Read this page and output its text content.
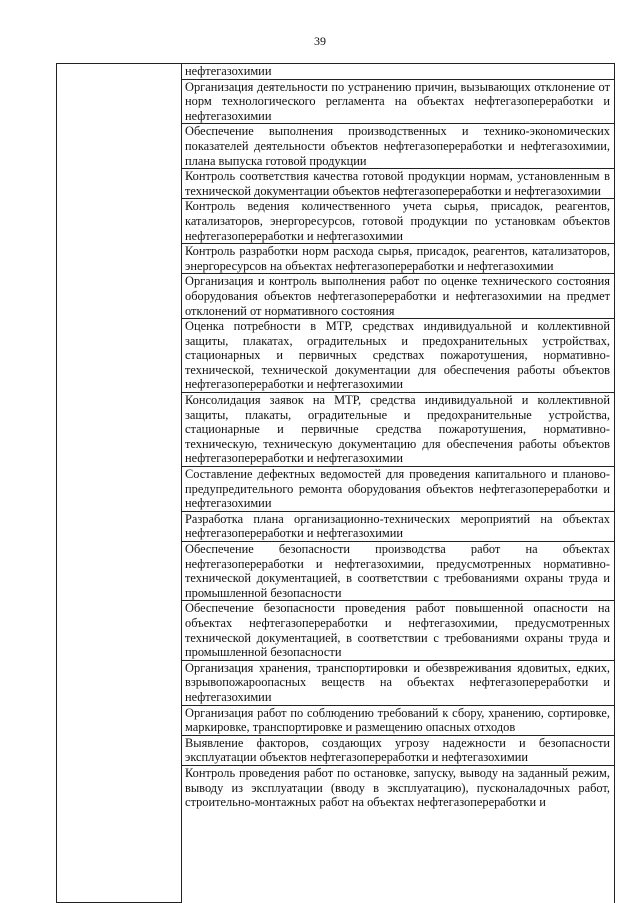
39

нефтегазохимии
Организация деятельности по устранению причин, вызывающих отклонение от норм технологического регламента на объектах нефтегазопереработки и нефтегазохимии
Обеспечение выполнения производственных и технико-экономических показателей деятельности объектов нефтегазопереработки и нефтегазохимии, плана выпуска готовой продукции
Контроль соответствия качества готовой продукции нормам, установленным в технической документации объектов нефтегазопереработки и нефтегазохимии
Контроль ведения количественного учета сырья, присадок, реагентов, катализаторов, энергоресурсов, готовой продукции по установкам объектов нефтегазопереработки и нефтегазохимии
Контроль разработки норм расхода сырья, присадок, реагентов, катализаторов, энергоресурсов на объектах нефтегазопереработки и нефтегазохимии
Организация и контроль выполнения работ по оценке технического состояния оборудования объектов нефтегазопереработки и нефтегазохимии на предмет отклонений от нормативного состояния
Оценка потребности в МТР, средствах индивидуальной и коллективной защиты, плакатах, оградительных и предохранительных устройствах, стационарных и первичных средствах пожаротушения, нормативно-технической, технической документации для обеспечения работы объектов нефтегазопереработки и нефтегазохимии
Консолидация заявок на МТР, средства индивидуальной и коллективной защиты, плакаты, оградительные и предохранительные устройства, стационарные и первичные средства пожаротушения, нормативно-техническую, техническую документацию для обеспечения работы объектов нефтегазопереработки и нефтегазохимии
Составление дефектных ведомостей для проведения капитального и планово-предупредительного ремонта оборудования объектов нефтегазопереработки и нефтегазохимии
Разработка плана организационно-технических мероприятий на объектах нефтегазопереработки и нефтегазохимии
Обеспечение безопасности производства работ на объектах нефтегазопереработки и нефтегазохимии, предусмотренных нормативно-технической документацией, в соответствии с требованиями охраны труда и промышленной безопасности
Обеспечение безопасности проведения работ повышенной опасности на объектах нефтегазопереработки и нефтегазохимии, предусмотренных технической документацией, в соответствии с требованиями охраны труда и промышленной безопасности
Организация хранения, транспортировки и обезвреживания ядовитых, едких, взрывопожароопасных веществ на объектах нефтегазопереработки и нефтегазохимии
Организация работ по соблюдению требований к сбору, хранению, сортировке, маркировке, транспортировке и размещению опасных отходов
Выявление факторов, создающих угрозу надежности и безопасности эксплуатации объектов нефтегазопереработки и нефтегазохимии
Контроль проведения работ по остановке, запуску, выводу на заданный режим, выводу из эксплуатации (вводу в эксплуатацию), пусконаладочных работ, строительно-монтажных работ на объектах нефтегазопереработки и
